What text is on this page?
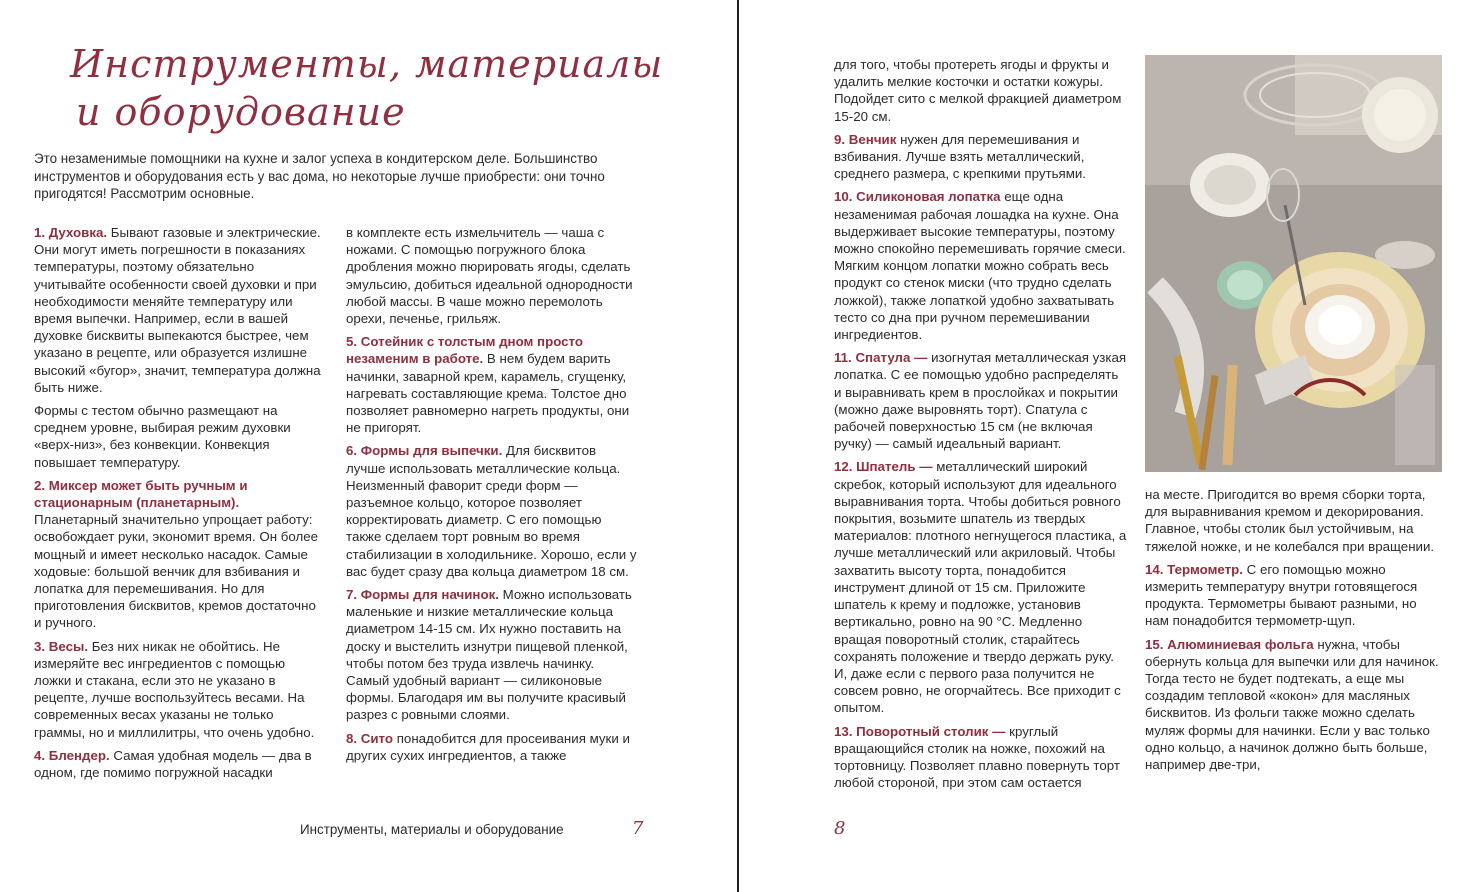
Инструменты, материалы
и оборудование
Это незаменимые помощники на кухне и залог успеха в кондитерском деле. Большинство инструментов и оборудования есть у вас дома, но некоторые лучше приобрести: они точно пригодятся! Рассмотрим основные.

1. Духовка. Бывают газовые и электрические. Они могут иметь погрешности в показаниях температуры, поэтому обязательно учитывайте особенности своей духовки и при необходимости меняйте температуру или время выпечки. Например, если в вашей духовке бисквиты выпекаются быстрее, чем указано в рецепте, или образуется излишне высокий «бугор», значит, температура должна быть ниже.

Формы с тестом обычно размещают на среднем уровне, выбирая режим духовки «верх-низ», без конвекции. Конвекция повышает температуру.

2. Миксер может быть ручным и стационарным (планетарным). Планетарный значительно упрощает работу: освобождает руки, экономит время. Он более мощный и имеет несколько насадок. Самые ходовые: большой венчик для взбивания и лопатка для перемешивания. Но для приготовления бисквитов, кремов достаточно и ручного.

3. Весы. Без них никак не обойтись. Не измеряйте вес ингредиентов с помощью ложки и стакана, если это не указано в рецепте, лучше воспользуйтесь весами. На современных весах указаны не только граммы, но и миллилитры, что очень удобно.

4. Блендер. Самая удобная модель — два в одном, где помимо погружной насадки

в комплекте есть измельчитель — чаша с ножами. С помощью погружного блока дробления можно пюрировать ягоды, сделать эмульсию, добиться идеальной однородности любой массы. В чаше можно перемолоть орехи, печенье, грильяж.

5. Сотейник с толстым дном просто незаменим в работе. В нем будем варить начинки, заварной крем, карамель, сгущенку, нагревать составляющие крема. Толстое дно позволяет равномерно нагреть продукты, они не пригорят.

6. Формы для выпечки. Для бисквитов лучше использовать металлические кольца. Неизменный фаворит среди форм — разъемное кольцо, которое позволяет корректировать диаметр. С его помощью также сделаем торт ровным во время стабилизации в холодильнике. Хорошо, если у вас будет сразу два кольца диаметром 18 см.

7. Формы для начинок. Можно использовать маленькие и низкие металлические кольца диаметром 14-15 см. Их нужно поставить на доску и выстелить изнутри пищевой пленкой, чтобы потом без труда извлечь начинку. Самый удобный вариант — силиконовые формы. Благодаря им вы получите красивый разрез с ровными слоями.

8. Сито понадобится для просеивания муки и других сухих ингредиентов, а также

Инструменты, материалы и оборудование	7

для того, чтобы протереть ягоды и фрукты и удалить мелкие косточки и остатки кожуры. Подойдет сито с мелкой фракцией диаметром 15-20 см.

9. Венчик нужен для перемешивания и взбивания. Лучше взять металлический, среднего размера, с крепкими прутьями.

10. Силиконовая лопатка еще одна незаменимая рабочая лошадка на кухне. Она выдерживает высокие температуры, поэтому можно спокойно перемешивать горячие смеси. Мягким концом лопатки можно собрать весь продукт со стенок миски (что трудно сделать ложкой), также лопаткой удобно захватывать тесто со дна при ручном перемешивании ингредиентов.

11. Спатула — изогнутая металлическая узкая лопатка. С ее помощью удобно распределять и выравнивать крем в прослойках и покрытии (можно даже выровнять торт). Спатула с рабочей поверхностью 15 см (не включая ручку) — самый идеальный вариант.

12. Шпатель — металлический широкий скребок, который используют для идеального выравнивания торта. Чтобы добиться ровного покрытия, возьмите шпатель из твердых материалов: плотного негнущегося пластика, а лучше металлический или акриловый. Чтобы захватить высоту торта, понадобится инструмент длиной от 15 см. Приложите шпатель к крему и подложке, установив вертикально, ровно на 90 °C. Медленно вращая поворотный столик, старайтесь сохранять положение и твердо держать руку. И, даже если с первого раза получится не совсем ровно, не огорчайтесь. Все приходит с опытом.

13. Поворотный столик — круглый вращающийся столик на ножке, похожий на тортовницу. Позволяет плавно повернуть торт любой стороной, при этом сам остается

на месте. Пригодится во время сборки торта, для выравнивания кремом и декорирования. Главное, чтобы столик был устойчивым, на тяжелой ножке, и не колебался при вращении.

14. Термометр. С его помощью можно измерить температуру внутри готовящегося продукта. Термометры бывают разными, но нам понадобится термометр-щуп.

15. Алюминиевая фольга нужна, чтобы обернуть кольца для выпечки или для начинок. Тогда тесто не будет подтекать, а еще мы создадим тепловой «кокон» для масляных бисквитов. Из фольги также можно сделать муляж формы для начинки. Если у вас только одно кольцо, а начинок должно быть больше, например две-три,

8
